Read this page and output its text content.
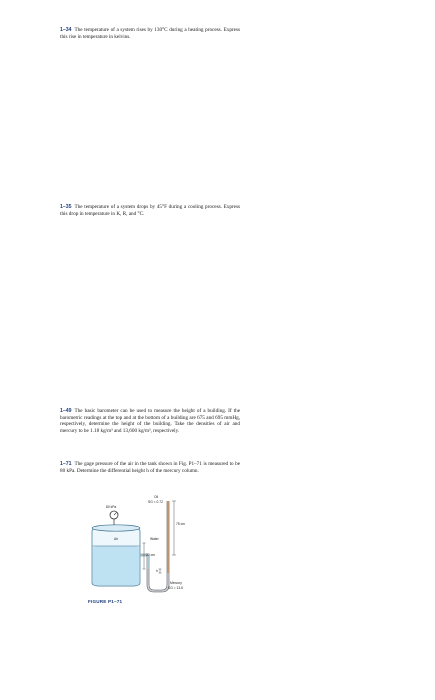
1–34 The temperature of a system rises by 130°C during a heating process. Express this rise in temperature in kelvins.
1–35 The temperature of a system drops by 45°F during a cooling process. Express this drop in temperature in K, R, and °C.
1–49 The basic barometer can be used to measure the height of a building. If the barometric readings at the top and at the bottom of a building are 675 and 695 mmHg, respectively, determine the height of the building. Take the densities of air and mercury to be 1.18 kg/m³ and 13,600 kg/m³, respectively.
1–71 The gage pressure of the air in the tank shown in Fig. P1–71 is measured to be 80 kPa. Determine the differential height h of the mercury column.
80 kPa
Oil
SG = 0.72
75 cm
Water
Air
30 cm
h
Mercury
SG = 13.6
FIGURE P1–71
